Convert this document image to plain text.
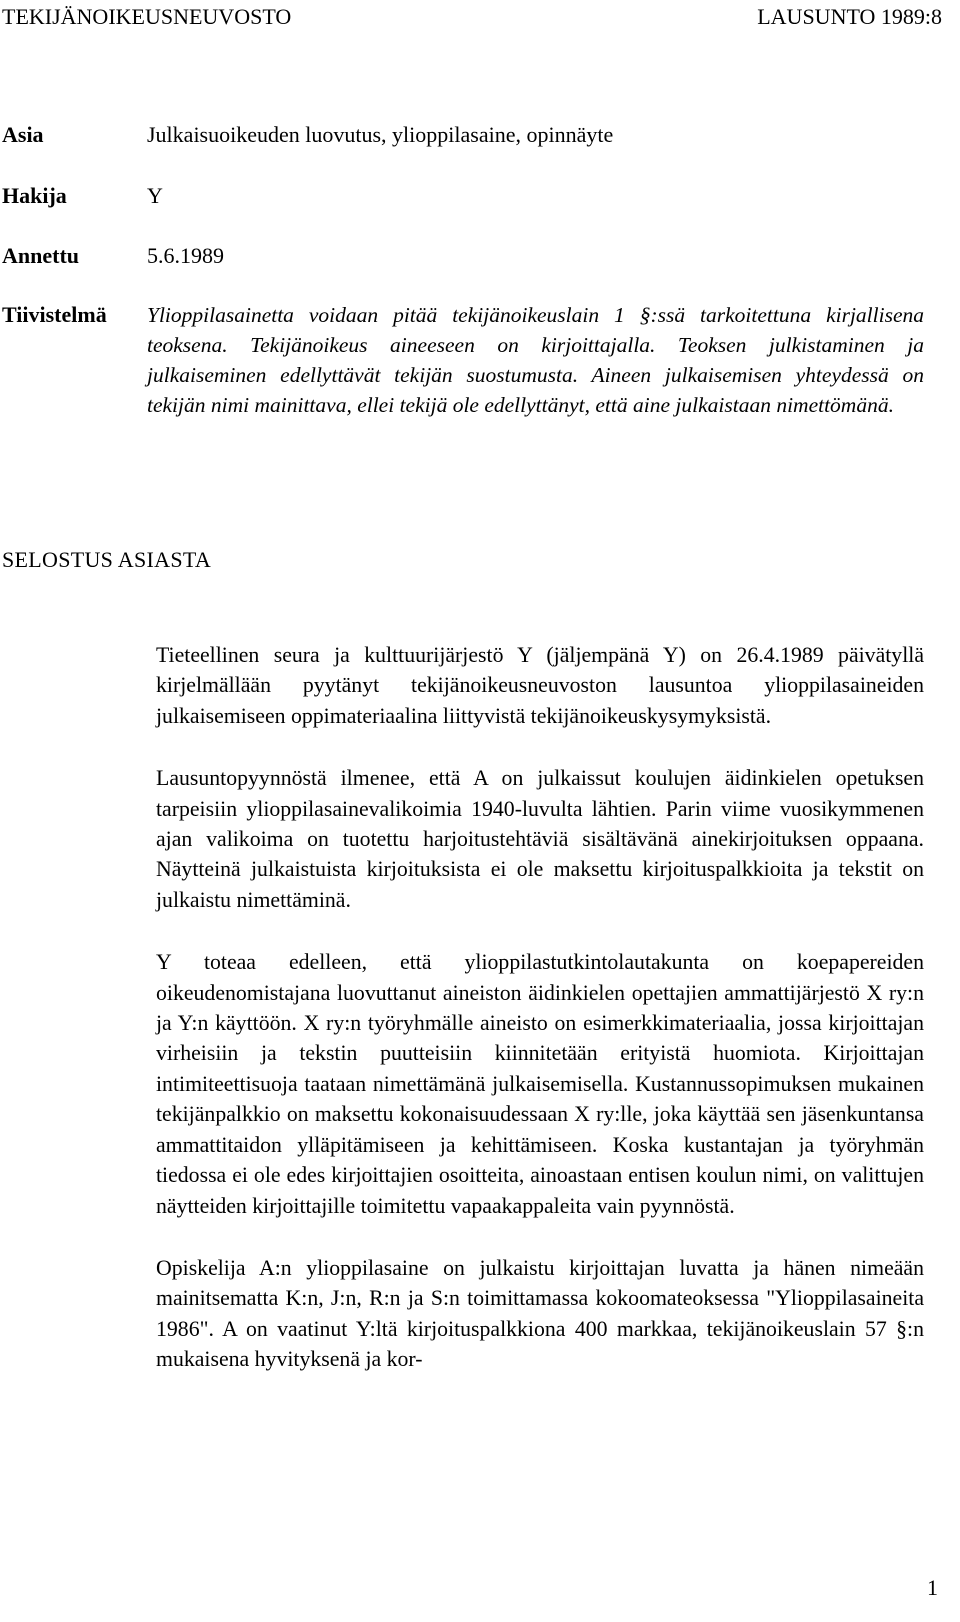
TEKIJÄNOIKEUSNEUVOSTO	LAUSUNTO 1989:8
Asia	Julkaisuoikeuden luovutus, ylioppilasaine, opinnäyte
Hakija	Y
Annettu	5.6.1989
Tiivistelmä Ylioppilasainetta voidaan pitää tekijänoikeuslain 1 §:ssä tarkoitettuna kirjallisena teoksena. Tekijänoikeus aineeseen on kirjoittajalla. Teoksen julkistaminen ja julkaiseminen edellyttävät tekijän suostumusta. Aineen julkaisemisen yhteydessä on tekijän nimi mainittava, ellei tekijä ole edellyttänyt, että aine julkaistaan nimettömänä.
SELOSTUS ASIASTA

Tieteellinen seura ja kulttuurijärjestö Y (jäljempänä Y) on 26.4.1989 päivätyllä kirjelmällään pyytänyt tekijänoikeusneuvoston lausuntoa ylioppilasaineiden julkaisemiseen oppimateriaalina liittyvistä tekijänoikeuskysymyksistä.

Lausuntopyynnöstä ilmenee, että A on julkaissut koulujen äidinkielen opetuksen tarpeisiin ylioppilasainevalikoimia 1940-luvulta lähtien. Parin viime vuosikymmenen ajan valikoima on tuotettu harjoitustehtäviä sisältävänä ainekirjoituksen oppaana. Näytteinä julkaistuista kirjoituksista ei ole maksettu kirjoituspalkkioita ja tekstit on julkaistu nimettäminä.

Y toteaa edelleen, että ylioppilastutkintolautakunta on koepapereiden oikeudenomistajana luovuttanut aineiston äidinkielen opettajien ammattijärjestö X ry:n ja Y:n käyttöön. X ry:n työryhmälle aineisto on esimerkkimateriaalia, jossa kirjoittajan virheisiin ja tekstin puutteisiin kiinnitetään erityistä huomiota. Kirjoittajan intimiteettisuoja taataan nimettämänä julkaisemisella. Kustannussopimuksen mukainen tekijänpalkkio on maksettu kokonaisuudessaan X ry:lle, joka käyttää sen jäsenkuntansa ammattitaidon ylläpitämiseen ja kehittämiseen. Koska kustantajan ja työryhmän tiedossa ei ole edes kirjoittajien osoitteita, ainoastaan entisen koulun nimi, on valittujen näytteiden kirjoittajille toimitettu vapaakappaleita vain pyynnöstä.

Opiskelija A:n ylioppilasaine on julkaistu kirjoittajan luvatta ja hänen nimeään mainitsematta K:n, J:n, R:n ja S:n toimittamassa kokoomateoksessa "Ylioppilasaineita 1986". A on vaatinut Y:ltä kirjoituspalkkiona 400 markkaa, tekijänoikeuslain 57 §:n mukaisena hyvityksenä ja kor-

1
